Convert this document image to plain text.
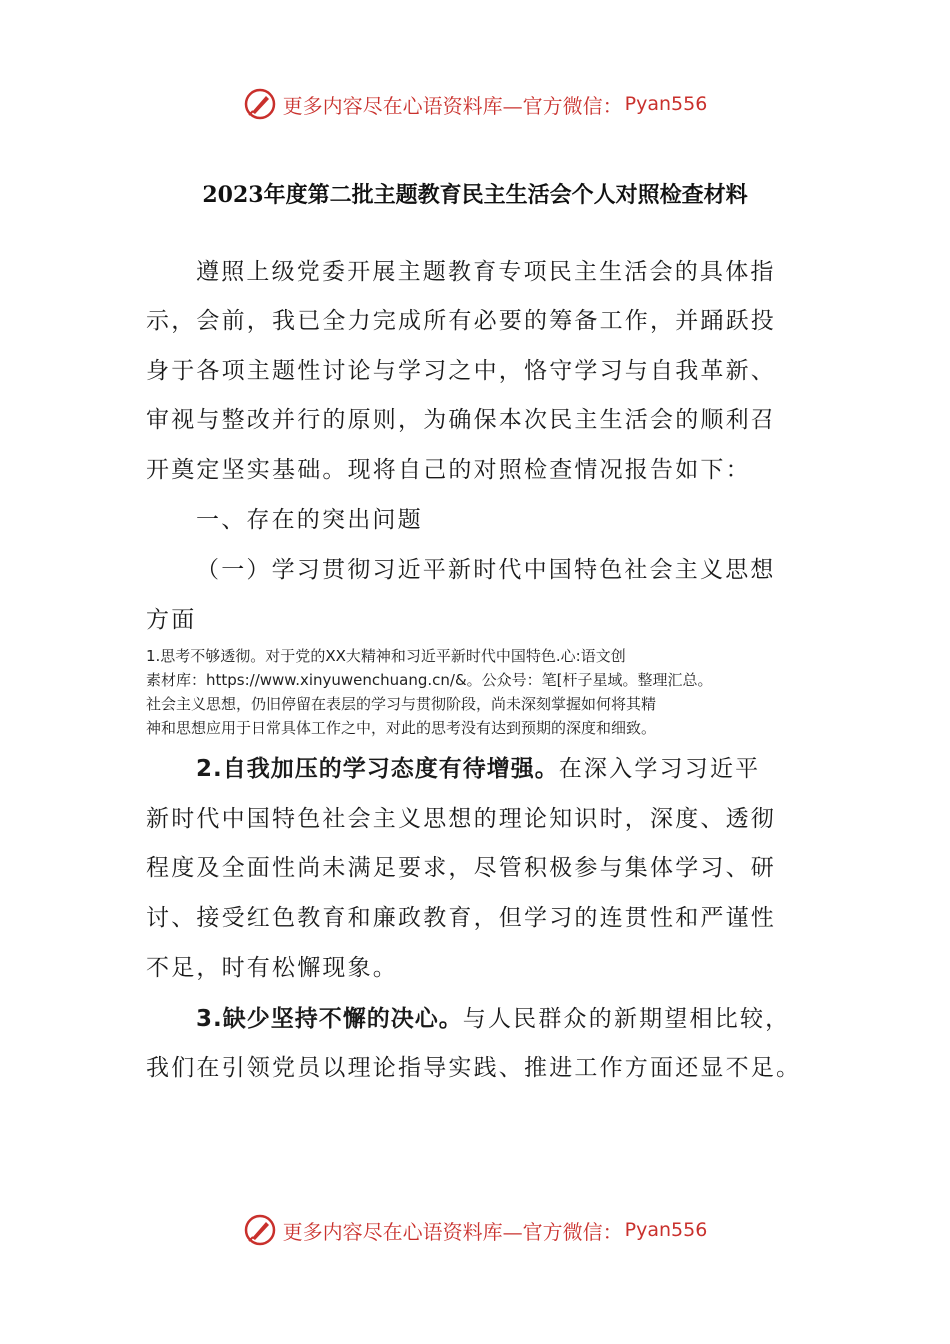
更多内容尽在心语资料库—官方微信： Pyan556
2023年度第二批主题教育民主生活会个人对照检查材料
遵照上级党委开展主题教育专项民主生活会的具体指
示，会前，我已全力完成所有必要的筹备工作，并踊跃投
身于各项主题性讨论与学习之中，恪守学习与自我革新、
审视与整改并行的原则，为确保本次民主生活会的顺利召
开奠定坚实基础。现将自己的对照检查情况报告如下：
一、存在的突出问题
（一）学习贯彻习近平新时代中国特色社会主义思想
方面
1.思考不够透彻。对于党的XX大精神和习近平新时代中国特色.心:语文创
素材库：https://www.xinyuwenchuang.cn/&。公众号：笔[杆子星域。整理汇总。
社会主义思想，仍旧停留在表层的学习与贯彻阶段，尚未深刻掌握如何将其精
神和思想应用于日常具体工作之中，对此的思考没有达到预期的深度和细致。
2.自我加压的学习态度有待增强。在深入学习习近平
新时代中国特色社会主义思想的理论知识时，深度、透彻
程度及全面性尚未满足要求，尽管积极参与集体学习、研
讨、接受红色教育和廉政教育，但学习的连贯性和严谨性
不足，时有松懈现象。
3.缺少坚持不懈的决心。与人民群众的新期望相比较，
我们在引领党员以理论指导实践、推进工作方面还显不足。
更多内容尽在心语资料库—官方微信： Pyan556
